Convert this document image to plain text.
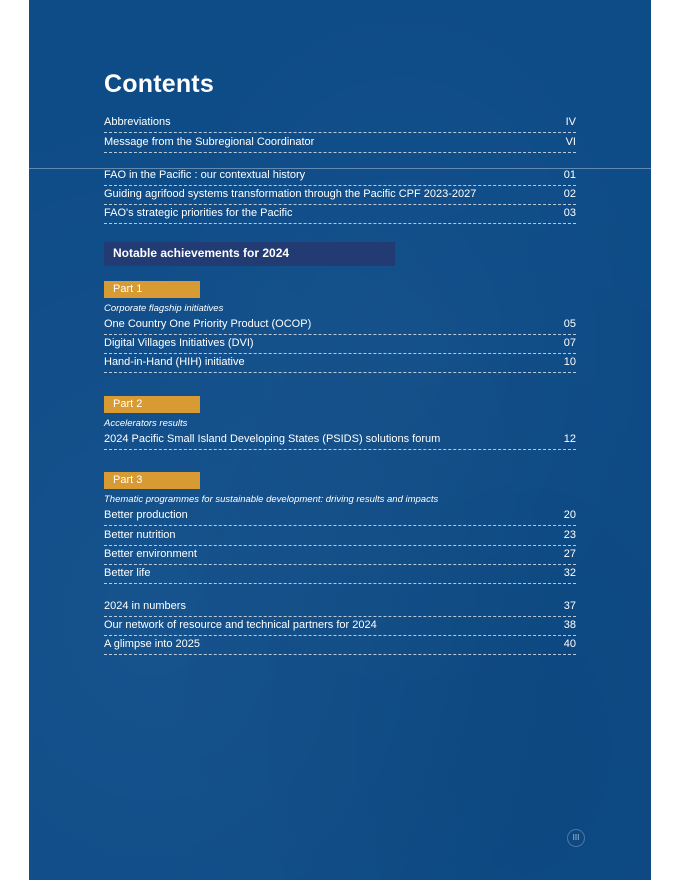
Contents
Abbreviations	IV
Message from the Subregional Coordinator	VI
FAO in the Pacific : our contextual history	01
Guiding agrifood systems transformation through the Pacific CPF 2023-2027	02
FAO's strategic priorities for the Pacific	03
Notable achievements for 2024
Part 1
Corporate flagship initiatives
One Country One Priority Product (OCOP)	05
Digital Villages Initiatives (DVI)	07
Hand-in-Hand (HIH) initiative	10
Part 2
Accelerators results
2024 Pacific Small Island Developing States (PSIDS) solutions forum	12
Part 3
Thematic programmes for sustainable development: driving results and impacts
Better production	20
Better nutrition	23
Better environment	27
Better life	32
2024 in numbers	37
Our network of resource and technical partners for 2024	38
A glimpse into 2025	40
III
